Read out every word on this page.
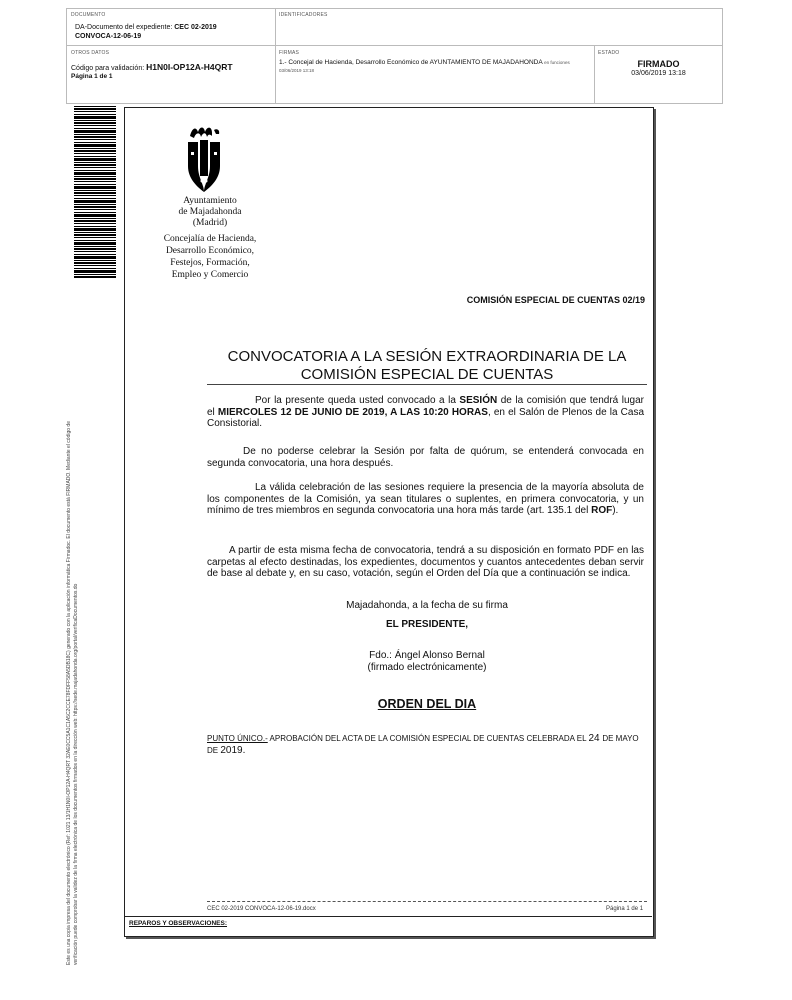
DOCUMENTO
DA-Documento del expediente: CEC 02-2019
CONVOCA-12-06-19
IDENTIFICADORES
OTROS DATOS
Código para validación: H1N0I-OP12A-H4QRT
Página 1 de 1
FIRMAS
1.- Concejal de Hacienda, Desarrollo Económico de AYUNTAMIENTO DE MAJADAHONDA en funciones
03/06/2019 13:18
ESTADO
FIRMADO
03/06/2019 13:18
Este es una copia impresa del documento electrónico (Ref: 1021 13/1H1N0I-OP12A-H4QRT 32AE0CC5A1C1A5C2CCE78FDFF58A5DB18C) generado con la aplicación informática Firmadoc. El documento está FIRMADO. Mediante el código de verificación puede comprobar la validez de la firma electrónica de los documentos firmados en la dirección web: https://sede.majadahonda.org/portal/verificaDocumentos.do
Ayuntamiento
de Majadahonda
(Madrid)
Concejalía de Hacienda,
Desarrollo Económico,
Festejos, Formación,
Empleo y Comercio
COMISIÓN ESPECIAL DE CUENTAS 02/19
CONVOCATORIA A LA SESIÓN EXTRAORDINARIA DE LA
COMISIÓN ESPECIAL DE CUENTAS
Por la presente queda usted convocado a la SESIÓN de la comisión que tendrá lugar el MIERCOLES 12 DE JUNIO DE 2019, A LAS 10:20 HORAS, en el Salón de Plenos de la Casa Consistorial.
De no poderse celebrar la Sesión por falta de quórum, se entenderá convocada en segunda convocatoria, una hora después.
La válida celebración de las sesiones requiere la presencia de la mayoría absoluta de los componentes de la Comisión, ya sean titulares o suplentes, en primera convocatoria, y un mínimo de tres miembros en segunda convocatoria una hora más tarde (art. 135.1 del ROF).
A partir de esta misma fecha de convocatoria, tendrá a su disposición en formato PDF en las carpetas al efecto destinadas, los expedientes, documentos y cuantos antecedentes deban servir de base al debate y, en su caso, votación, según el Orden del Día que a continuación se indica.
Majadahonda, a la fecha de su firma
EL PRESIDENTE,
Fdo.: Ángel Alonso Bernal
(firmado electrónicamente)
ORDEN DEL DIA
PUNTO ÚNICO.- APROBACIÓN DEL ACTA DE LA COMISIÓN ESPECIAL DE CUENTAS CELEBRADA EL 24 DE MAYO DE 2019.
CEC 02-2019 CONVOCA-12-06-19.docx	Página 1 de 1
REPAROS Y OBSERVACIONES:
